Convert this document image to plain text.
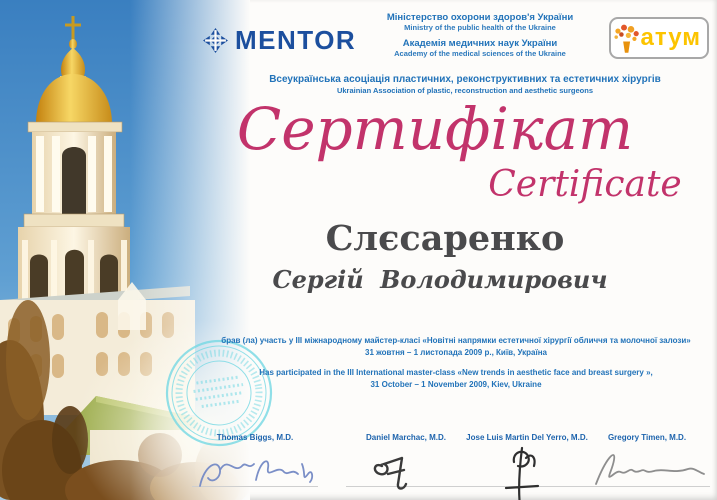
MENTOR
Міністерство охорони здоров'я України
Ministry of the public health of the Ukraine
Академія медичних наук України
Academy of the medical sciences of the Ukraine
атум
Всеукраїнська асоціація пластичних, реконструктивних та естетичних хірургів
Ukrainian Association of plastic, reconstruction and aesthetic surgeons
Сертифікат
Certificate
Слєсаренко
Сергій Володимирович
брав (ла) участь у III міжнародному майстер-класі «Новітні напрямки естетичної хірургії обличчя та молочної залози»
31 жовтня – 1 листопада 2009 р., Київ, Україна
Has participated in the III International master-class «New trends in aesthetic face and breast surgery »,
31 October – 1 November 2009, Kiev, Ukraine
Thomas Biggs, M.D.	Daniel Marchac, M.D.	Jose Luis Martin Del Yerro, M.D.	Gregory Timen, M.D.
